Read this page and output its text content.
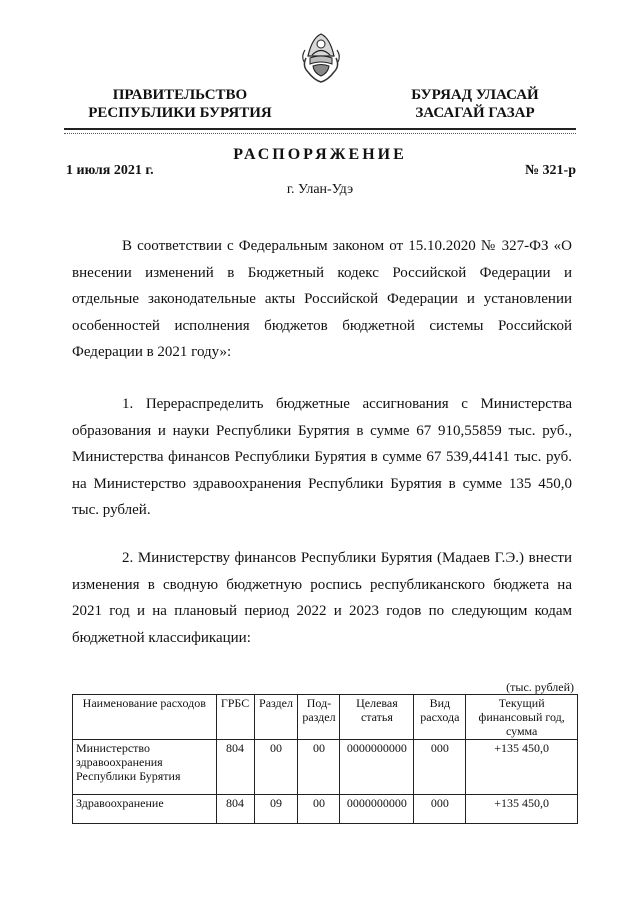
ПРАВИТЕЛЬСТВО
РЕСПУБЛИКИ БУРЯТИЯ
БУРЯАД УЛАСАЙ
ЗАСАГАЙ ГАЗАР
РАСПОРЯЖЕНИЕ
1 июля 2021 г.	№ 321-р
г. Улан-Удэ

В соответствии с Федеральным законом от 15.10.2020 № 327-ФЗ «О внесении изменений в Бюджетный кодекс Российской Федерации и отдельные законодательные акты Российской Федерации и установлении особенностей исполнения бюджетов бюджетной системы Российской Федерации в 2021 году»:

1. Перераспределить бюджетные ассигнования с Министерства образования и науки Республики Бурятия в сумме 67 910,55859 тыс. руб., Министерства финансов Республики Бурятия в сумме 67 539,44141 тыс. руб. на Министерство здравоохранения Республики Бурятия в сумме 135 450,0 тыс. рублей.

2. Министерству финансов Республики Бурятия (Мадаев Г.Э.) внести изменения в сводную бюджетную роспись республиканского бюджета на 2021 год и на плановый период 2022 и 2023 годов по следующим кодам бюджетной классификации:

(тыс. рублей)
Наименование расходов	ГРБС	Раздел	Под-раздел	Целевая статья	Вид расхода	Текущий финансовый год, сумма
Министерство здравоохранения Республики Бурятия	804	00	00	0000000000	000	+135 450,0
Здравоохранение	804	09	00	0000000000	000	+135 450,0
